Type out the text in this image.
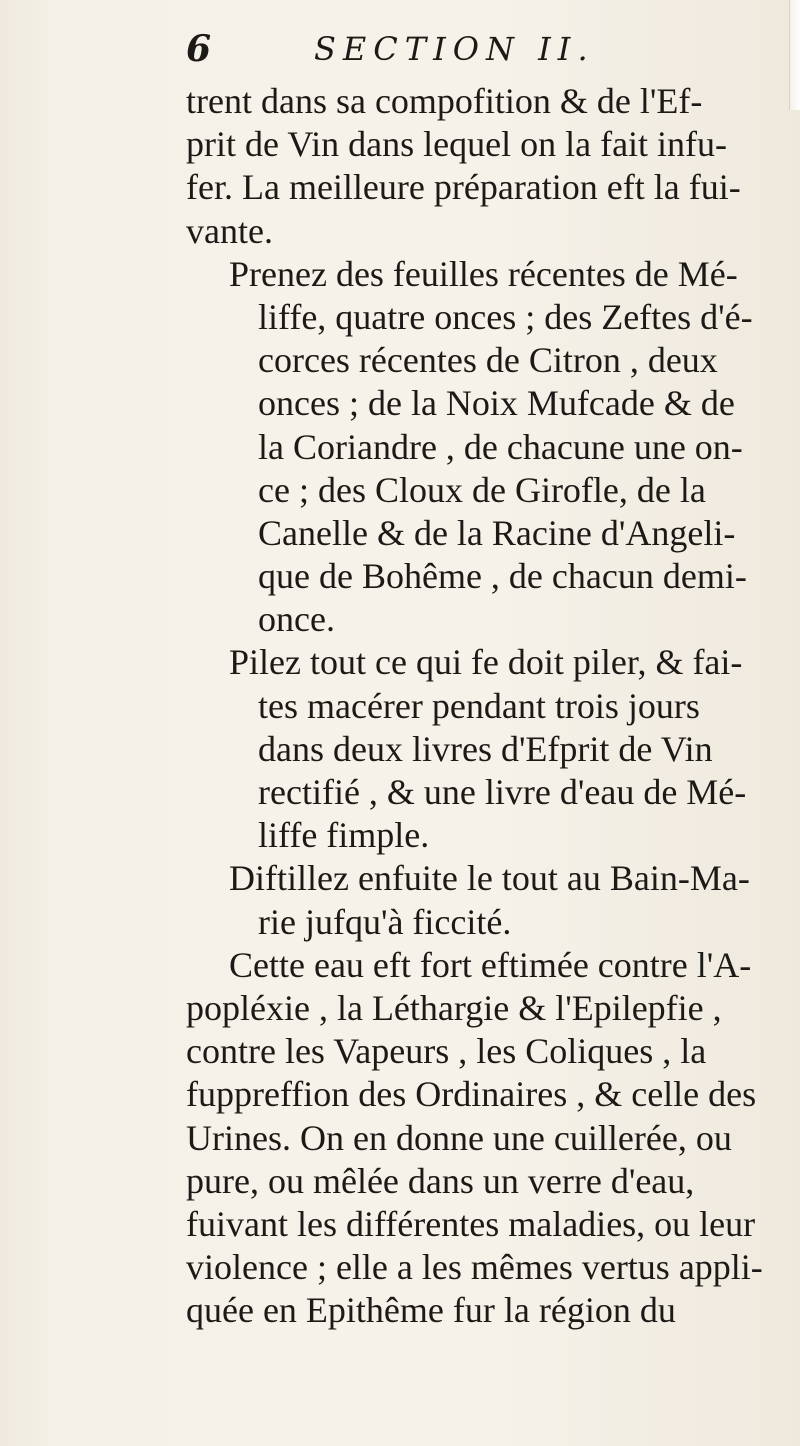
6	SECTION II.
trent dans sa compofition & de l'Ef-
prit de Vin dans lequel on la fait infu-
fer. La meilleure préparation eft la fui-
vante.
Prenez des feuilles récentes de Mé-
liffe, quatre onces ; des Zeftes d'é-
corces récentes de Citron , deux
onces ; de la Noix Mufcade & de
la Coriandre , de chacune une on-
ce ; des Cloux de Girofle, de la
Canelle & de la Racine d'Angeli-
que de Bohême , de chacun demi-
once.
Pilez tout ce qui fe doit piler, & fai-
tes macérer pendant trois jours
dans deux livres d'Efprit de Vin
rectifié , & une livre d'eau de Mé-
liffe fimple.
Diftillez enfuite le tout au Bain-Ma-
rie jufqu'à ficcité.
Cette eau eft fort eftimée contre l'A-
popléxie , la Léthargie & l'Epilepfie ,
contre les Vapeurs , les Coliques , la
fuppreffion des Ordinaires , & celle des
Urines. On en donne une cuillerée, ou
pure, ou mêlée dans un verre d'eau,
fuivant les différentes maladies, ou leur
violence ; elle a les mêmes vertus appli-
quée en Epithême fur la région du
